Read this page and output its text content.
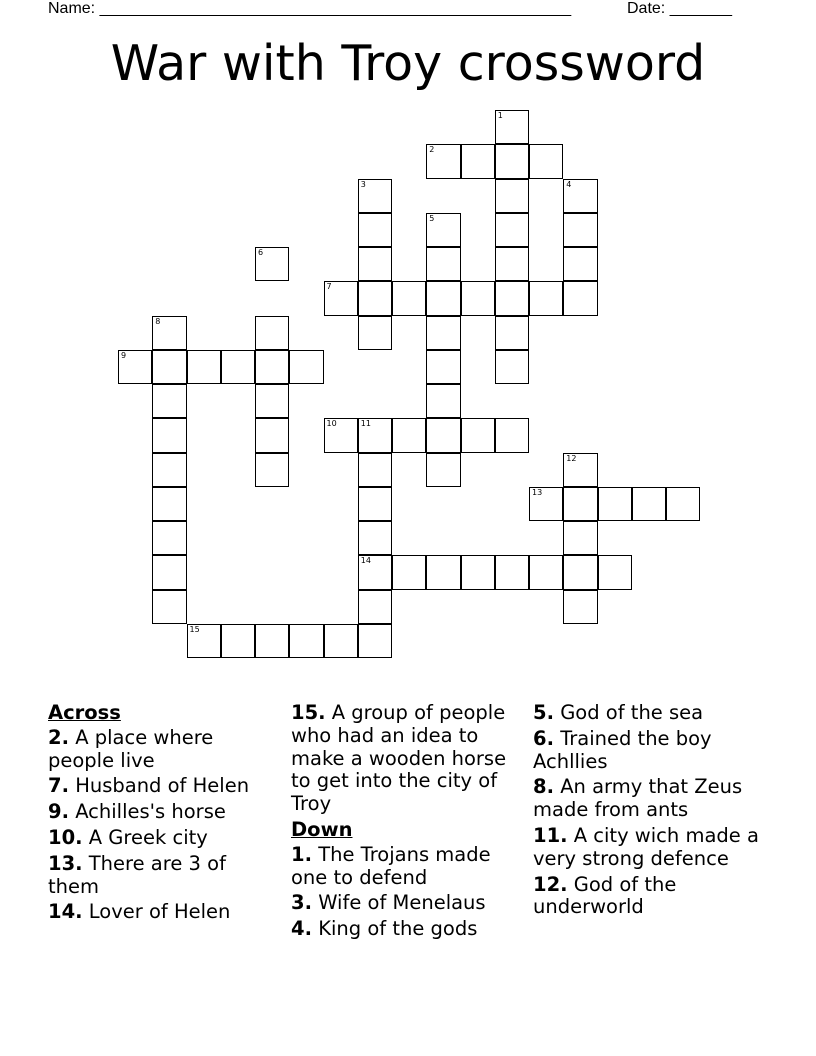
Name: _____________________________________________________	Date: _______
War with Troy crossword
1
2
3	4
5
6
7
8
9
10	11
12
13
14
15
Across
2. A place where people live
7. Husband of Helen
9. Achilles's horse
10. A Greek city
13. There are 3 of them
14. Lover of Helen
15. A group of people who had an idea to make a wooden horse to get into the city of Troy
Down
1. The Trojans made one to defend
3. Wife of Menelaus
4. King of the gods
5. God of the sea
6. Trained the boy Achllies
8. An army that Zeus made from ants
11. A city wich made a very strong defence
12. God of the underworld
